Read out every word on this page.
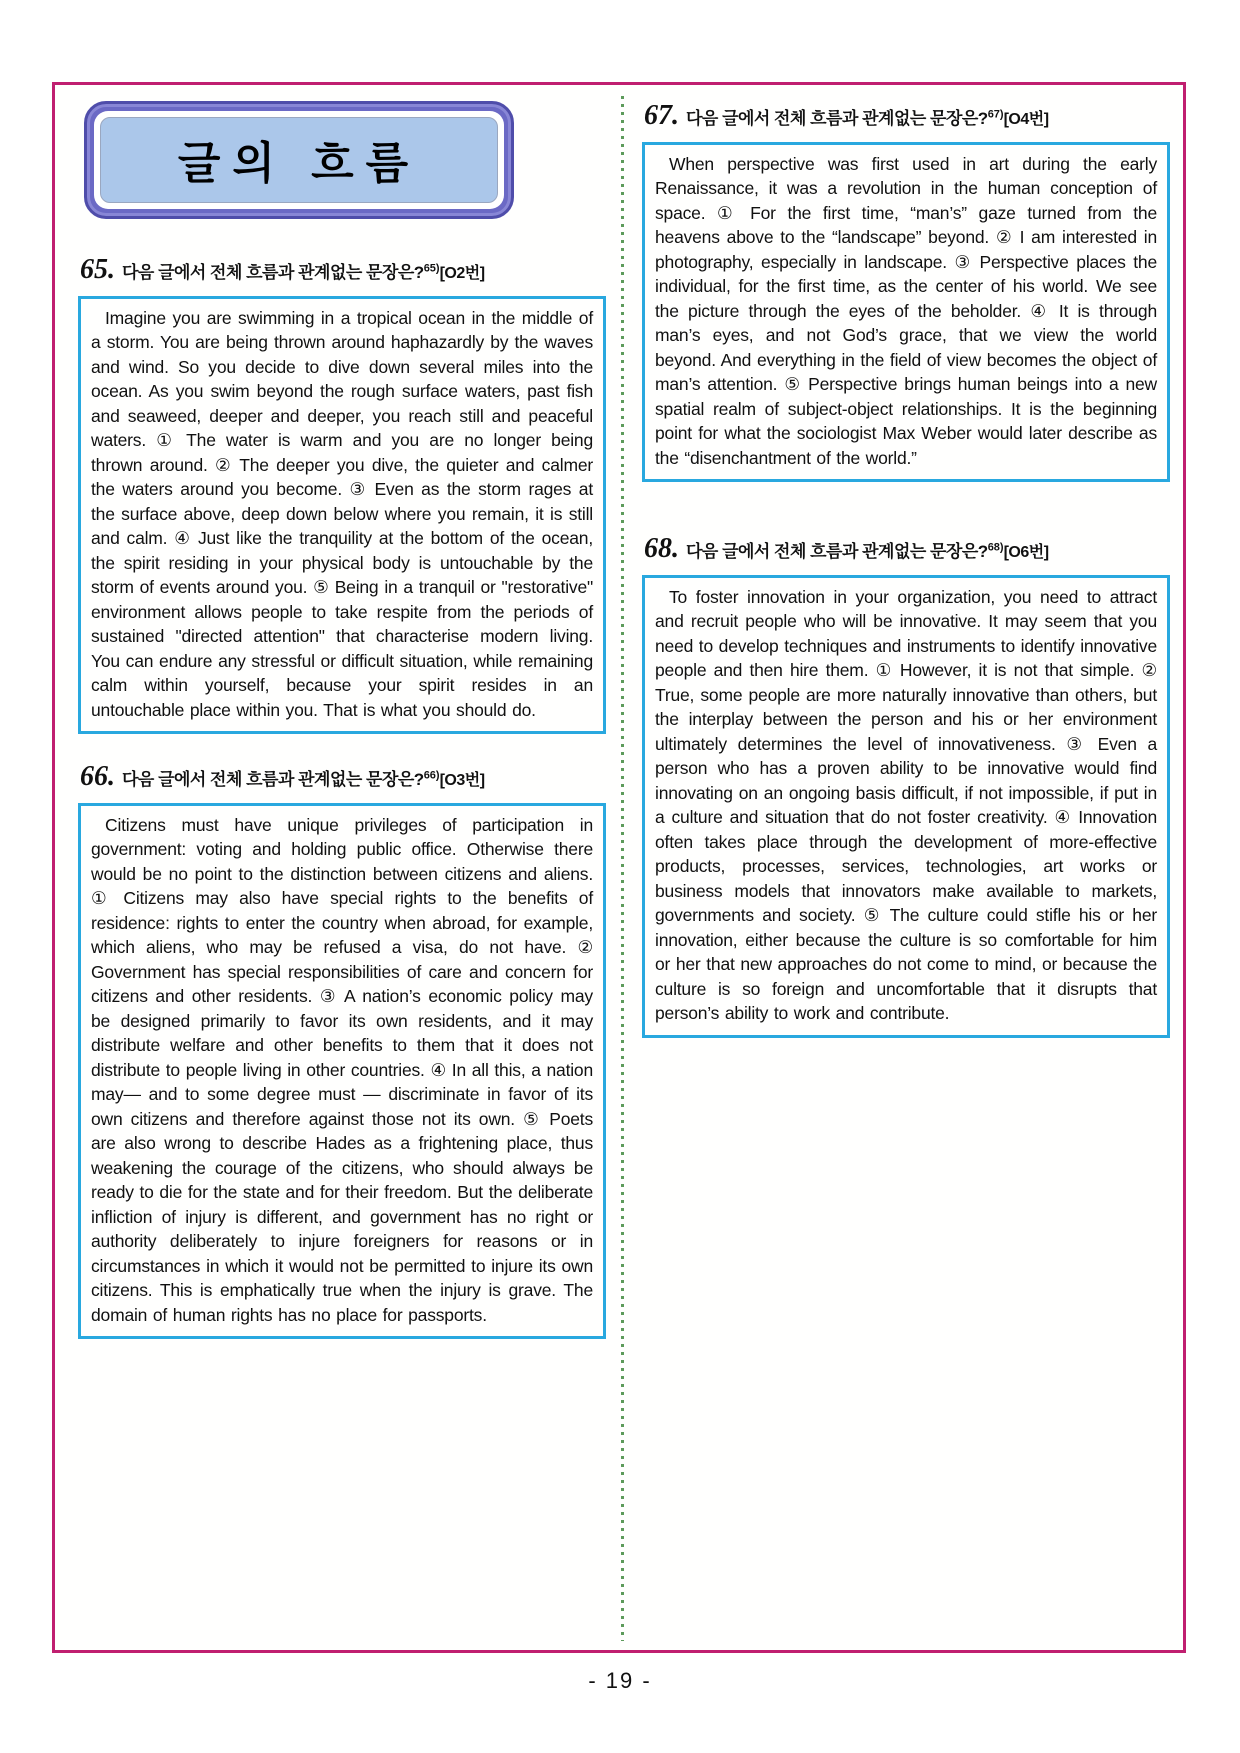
글의 흐름
65. 다음 글에서 전체 흐름과 관계없는 문장은?$^{65)}$[O2번]
Imagine you are swimming in a tropical ocean in the middle of a storm. You are being thrown around haphazardly by the waves and wind. So you decide to dive down several miles into the ocean. As you swim beyond the rough surface waters, past fish and seaweed, deeper and deeper, you reach still and peaceful waters. ① The water is warm and you are no longer being thrown around. ② The deeper you dive, the quieter and calmer the waters around you become. ③ Even as the storm rages at the surface above, deep down below where you remain, it is still and calm. ④ Just like the tranquility at the bottom of the ocean, the spirit residing in your physical body is untouchable by the storm of events around you. ⑤ Being in a tranquil or "restorative" environment allows people to take respite from the periods of sustained "directed attention" that characterise modern living. You can endure any stressful or difficult situation, while remaining calm within yourself, because your spirit resides in an untouchable place within you. That is what you should do.
66. 다음 글에서 전체 흐름과 관계없는 문장은?$^{66)}$[O3번]
Citizens must have unique privileges of participation in government: voting and holding public office. Otherwise there would be no point to the distinction between citizens and aliens. ① Citizens may also have special rights to the benefits of residence: rights to enter the country when abroad, for example, which aliens, who may be refused a visa, do not have. ② Government has special responsibilities of care and concern for citizens and other residents. ③ A nation’s economic policy may be designed primarily to favor its own residents, and it may distribute welfare and other benefits to them that it does not distribute to people living in other countries. ④ In all this, a nation may— and to some degree must — discriminate in favor of its own citizens and therefore against those not its own. ⑤ Poets are also wrong to describe Hades as a frightening place, thus weakening the courage of the citizens, who should always be ready to die for the state and for their freedom. But the deliberate infliction of injury is different, and government has no right or authority deliberately to injure foreigners for reasons or in circumstances in which it would not be permitted to injure its own citizens. This is emphatically true when the injury is grave. The domain of human rights has no place for passports.
67. 다음 글에서 전체 흐름과 관계없는 문장은?$^{67)}$[O4번]
When perspective was first used in art during the early Renaissance, it was a revolution in the human conception of space. ① For the first time, “man’s” gaze turned from the heavens above to the “landscape” beyond. ② I am interested in photography, especially in landscape. ③ Perspective places the individual, for the first time, as the center of his world. We see the picture through the eyes of the beholder. ④ It is through man’s eyes, and not God’s grace, that we view the world beyond. And everything in the field of view becomes the object of man’s attention. ⑤ Perspective brings human beings into a new spatial realm of subject-object relationships. It is the beginning point for what the sociologist Max Weber would later describe as the “disenchantment of the world.”
68. 다음 글에서 전체 흐름과 관계없는 문장은?$^{68)}$[O6번]
To foster innovation in your organization, you need to attract and recruit people who will be innovative. It may seem that you need to develop techniques and instruments to identify innovative people and then hire them. ① However, it is not that simple. ② True, some people are more naturally innovative than others, but the interplay between the person and his or her environment ultimately determines the level of innovativeness. ③ Even a person who has a proven ability to be innovative would find innovating on an ongoing basis difficult, if not impossible, if put in a culture and situation that do not foster creativity. ④ Innovation often takes place through the development of more-effective products, processes, services, technologies, art works or business models that innovators make available to markets, governments and society. ⑤ The culture could stifle his or her innovation, either because the culture is so comfortable for him or her that new approaches do not come to mind, or because the culture is so foreign and uncomfortable that it disrupts that person’s ability to work and contribute.
- 19 -
